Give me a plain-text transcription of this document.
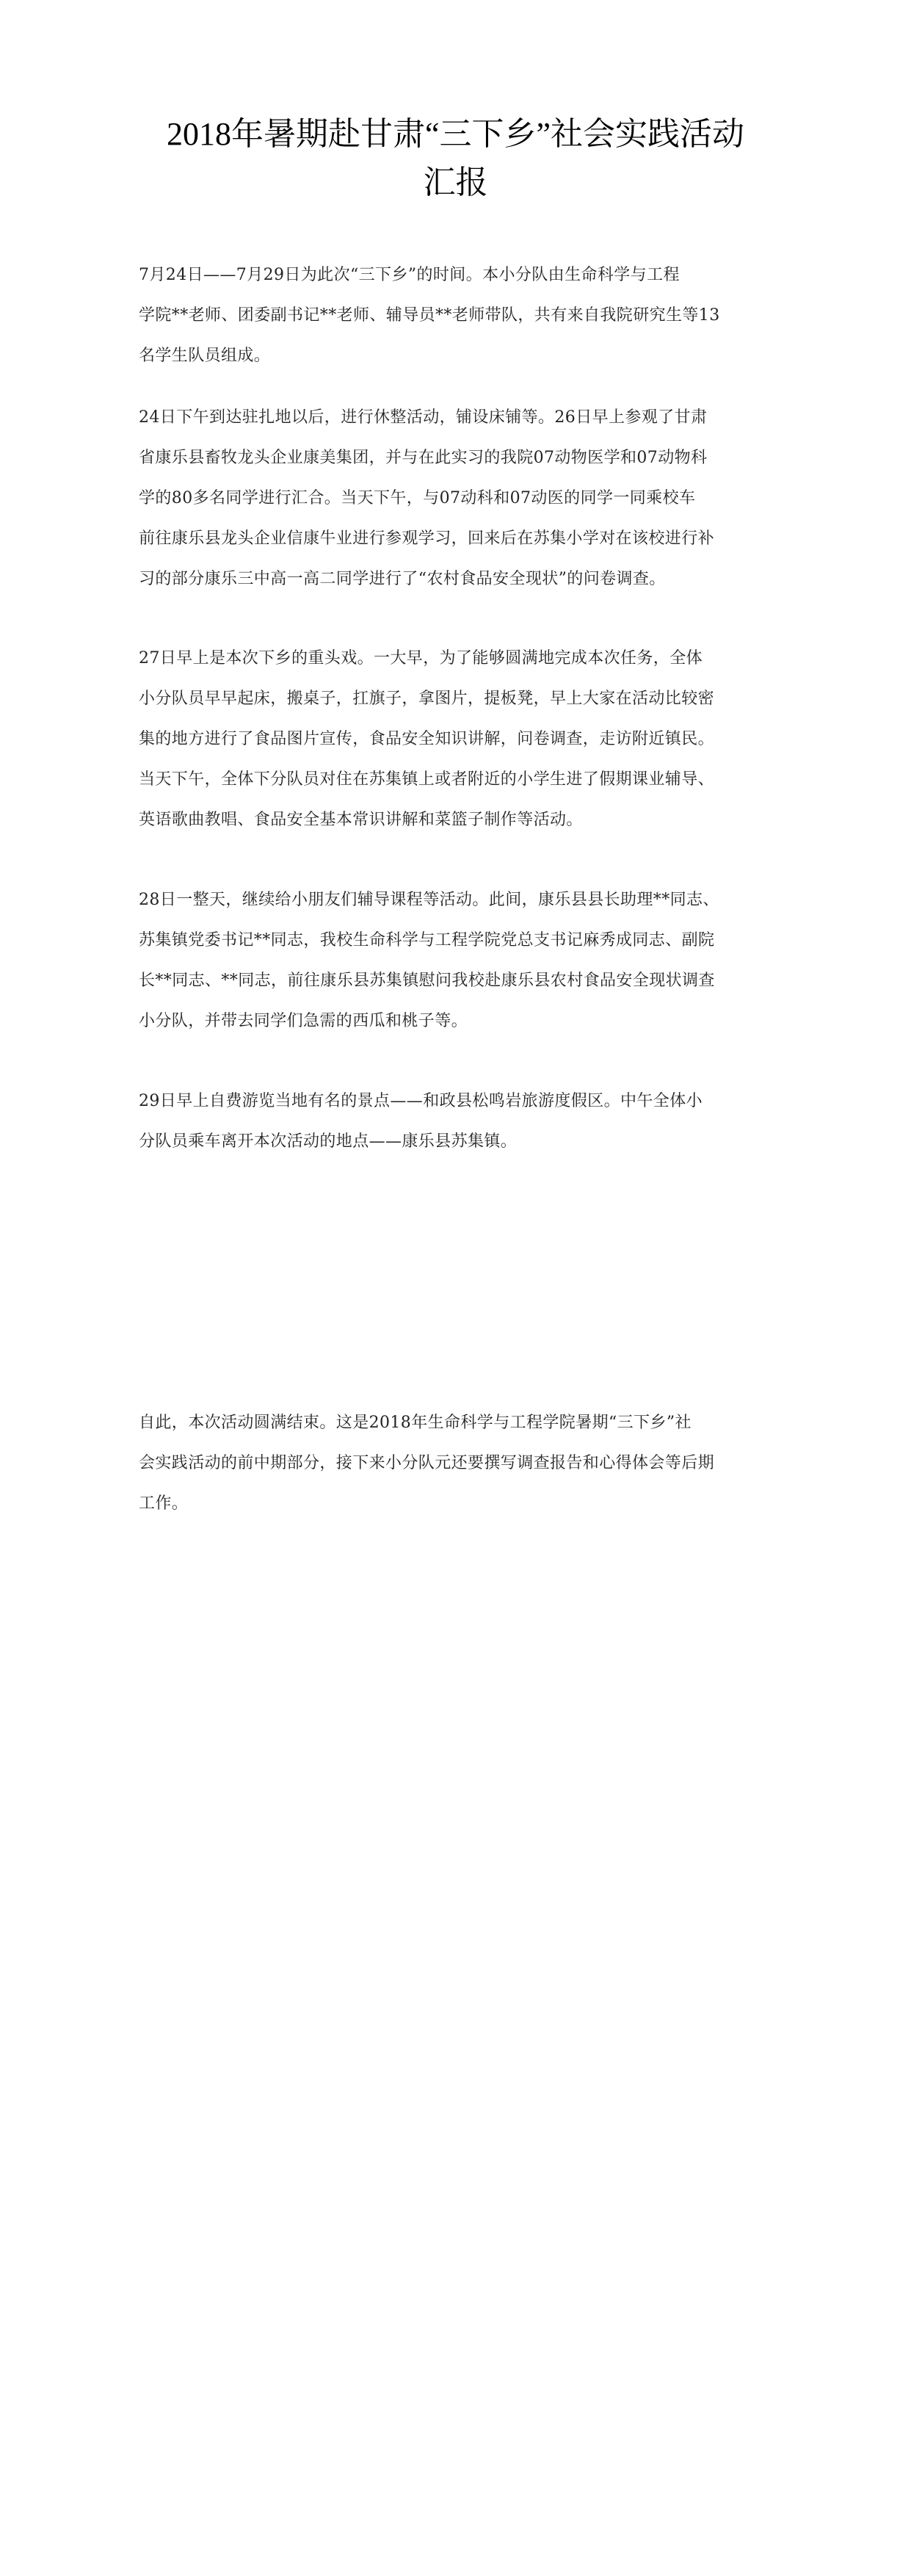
2018年暑期赴甘肃“三下乡”社会实践活动
汇报
7月24日——7月29日为此次“三下乡”的时间。本小分队由生命科学与工程
学院**老师、团委副书记**老师、辅导员**老师带队，共有来自我院研究生等13
名学生队员组成。
24日下午到达驻扎地以后，进行休整活动，铺设床铺等。26日早上参观了甘肃
省康乐县畜牧龙头企业康美集团，并与在此实习的我院07动物医学和07动物科
学的80多名同学进行汇合。当天下午，与07动科和07动医的同学一同乘校车
前往康乐县龙头企业信康牛业进行参观学习，回来后在苏集小学对在该校进行补
习的部分康乐三中高一高二同学进行了“农村食品安全现状”的问卷调查。
27日早上是本次下乡的重头戏。一大早，为了能够圆满地完成本次任务，全体
小分队员早早起床，搬桌子，扛旗子，拿图片，提板凳，早上大家在活动比较密
集的地方进行了食品图片宣传，食品安全知识讲解，问卷调查，走访附近镇民。
当天下午，全体下分队员对住在苏集镇上或者附近的小学生进了假期课业辅导、
英语歌曲教唱、食品安全基本常识讲解和菜篮子制作等活动。
28日一整天，继续给小朋友们辅导课程等活动。此间，康乐县县长助理**同志、
苏集镇党委书记**同志，我校生命科学与工程学院党总支书记麻秀成同志、副院
长**同志、**同志，前往康乐县苏集镇慰问我校赴康乐县农村食品安全现状调查
小分队，并带去同学们急需的西瓜和桃子等。
29日早上自费游览当地有名的景点——和政县松鸣岩旅游度假区。中午全体小
分队员乘车离开本次活动的地点——康乐县苏集镇。
自此，本次活动圆满结束。这是2018年生命科学与工程学院暑期“三下乡”社
会实践活动的前中期部分，接下来小分队元还要撰写调查报告和心得体会等后期
工作。
